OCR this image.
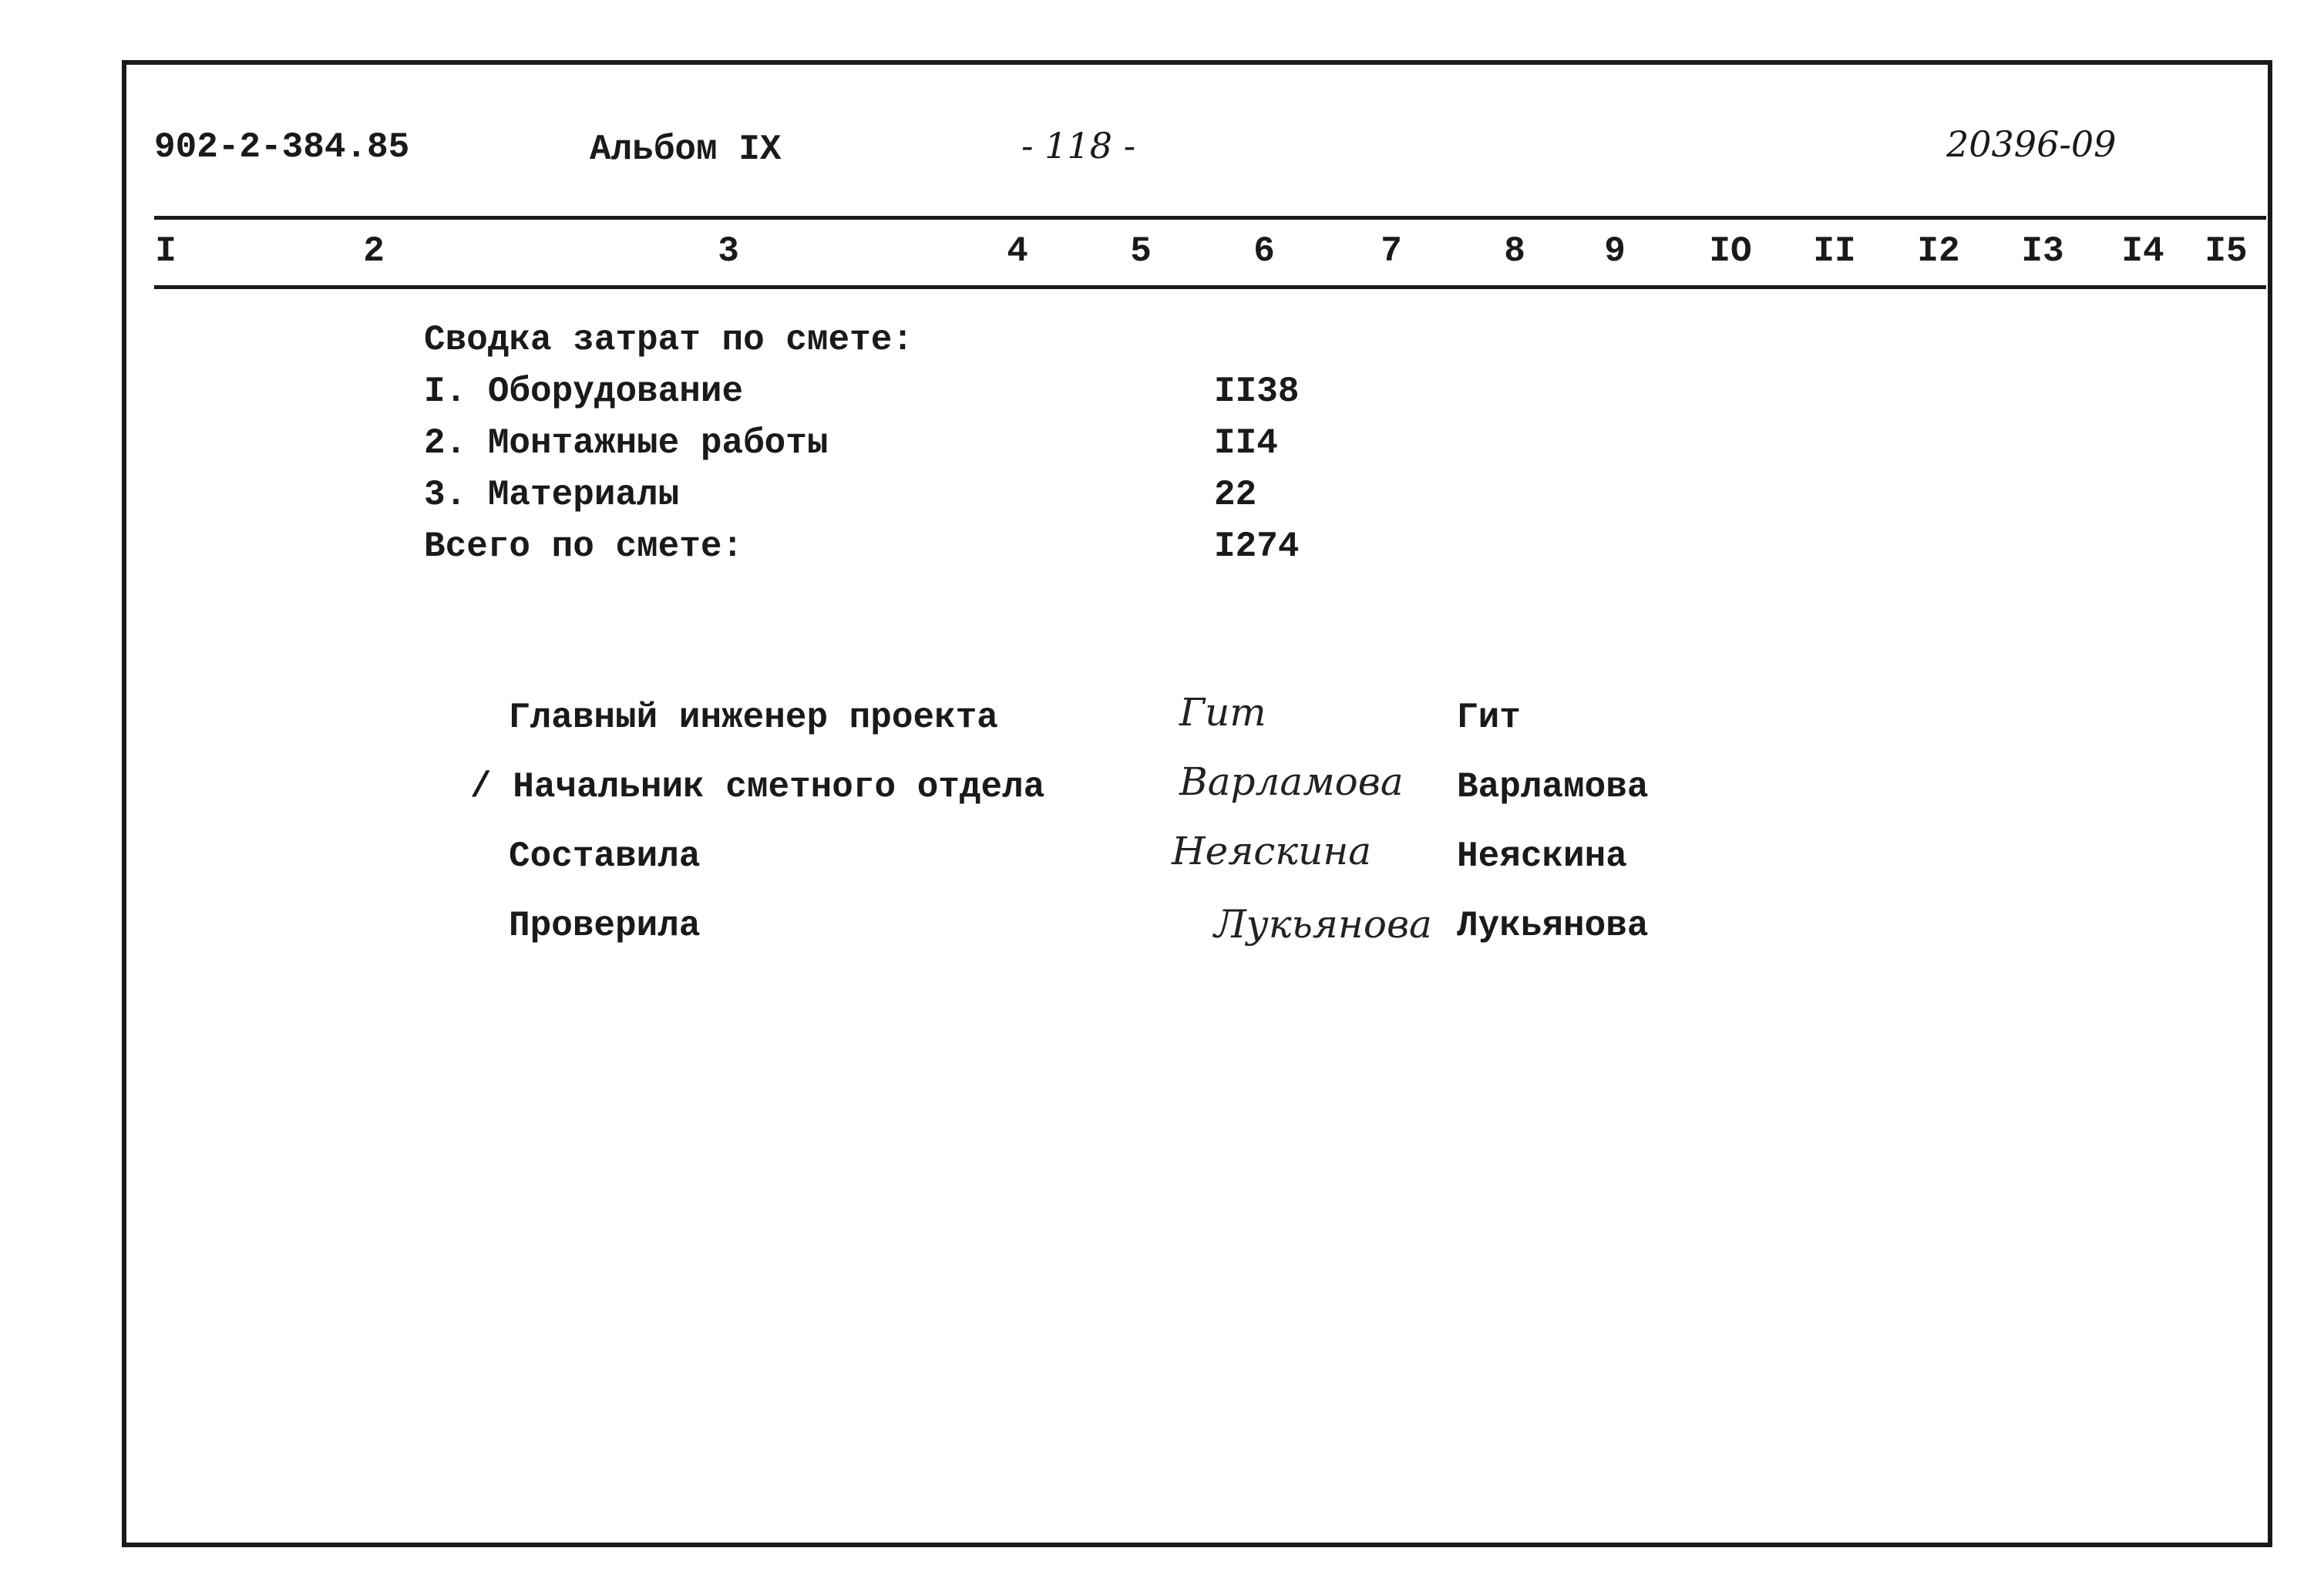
902-2-384.85	Альбом IX	- 118 -	20396-09
I	2	3	4	5	6	7	8 9 IO II I2 I3 I4 I5
Сводка затрат по смете:
I. Оборудование	II38
2. Монтажные работы	II4
3. Материалы	22
Всего по смете:	I274
Главный инженер проекта	Гит	Гит
/ Начальник сметного отдела	Варламова Варламова
Составила	Неяскина Неяскина
Проверила	Лукьянова Лукьянова
